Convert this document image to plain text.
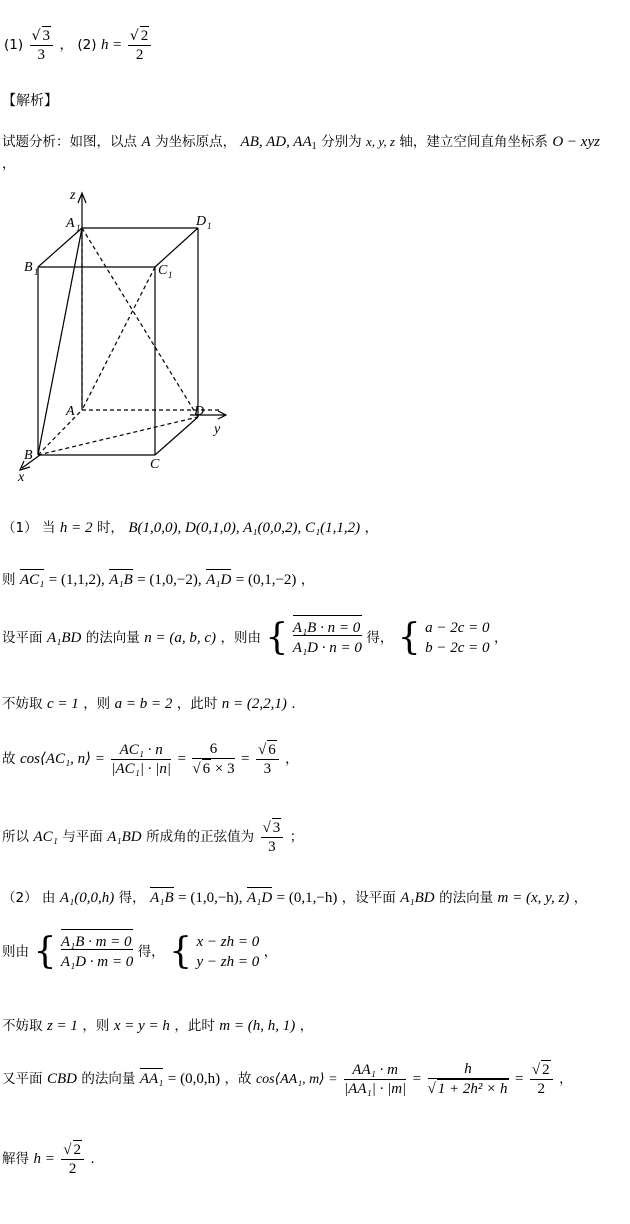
$(1) \frac{√ 3}{3}$ ， (2) $h = \frac{√ 2}{2}$
【解析】
试题分析：如图，以点 A 为坐标原点， AB, AD, $AA_1$ 分别为 x, y, z 轴，建立空间直角坐标系 O − xyz
，
z
A 1	D 1
B 1	C 1
A	D
y
B
C
x
（1） 当 h = 2 时， B(1,0,0), D(0,1,0), A₁(0,0,2), C₁(1,1,2) ，
则 AC₁ = (1,1,2), A₁B = (1,0,−2), A₁D = (0,1,−2) ，
设平面 A₁BD 的法向量 n = (a, b, c) ，则由 { A₁B · n = 0
A₁D · n = 0
得， { a − 2c = 0
b − 2c = 0
，
不妨取 c = 1 ，则 a = b = 2 ，此时 n = (2,2,1) ．
故 cos⟨AC₁, n⟩ = $\frac{\text{AC₁ · n}}{\text{|AC₁| · |n|}} = \frac{6}{√ 6 \times 3} = \frac{√ 6}{3}$ ，
所以 AC₁ 与平面 A₁BD 所成角的正弦值为 $\frac{√ 3}{3}$ ；
（2） 由 A₁(0,0,h) 得， A₁B = (1,0,−h), A₁D = (0,1,−h) ，设平面 A₁BD 的法向量 m = (x, y, z) ，
则由 { A₁B · m = 0
A₁D · m = 0
得， { x − zh = 0
y − zh = 0
，
不妨取 z = 1 ，则 x = y = h ，此时 m = (h, h, 1) ，
又平面 CBD 的法向量 AA₁ = (0,0,h) ，故 cos⟨AA₁, m⟩ = $\frac{\text{AA₁ · m}}{\text{|AA₁| · |m|}} = \frac{h}{\text{√ 1 + 2h² × h}} = \frac{√ 2}{2}$ ，
解得 $h = \frac{√ 2}{2}$ ．
